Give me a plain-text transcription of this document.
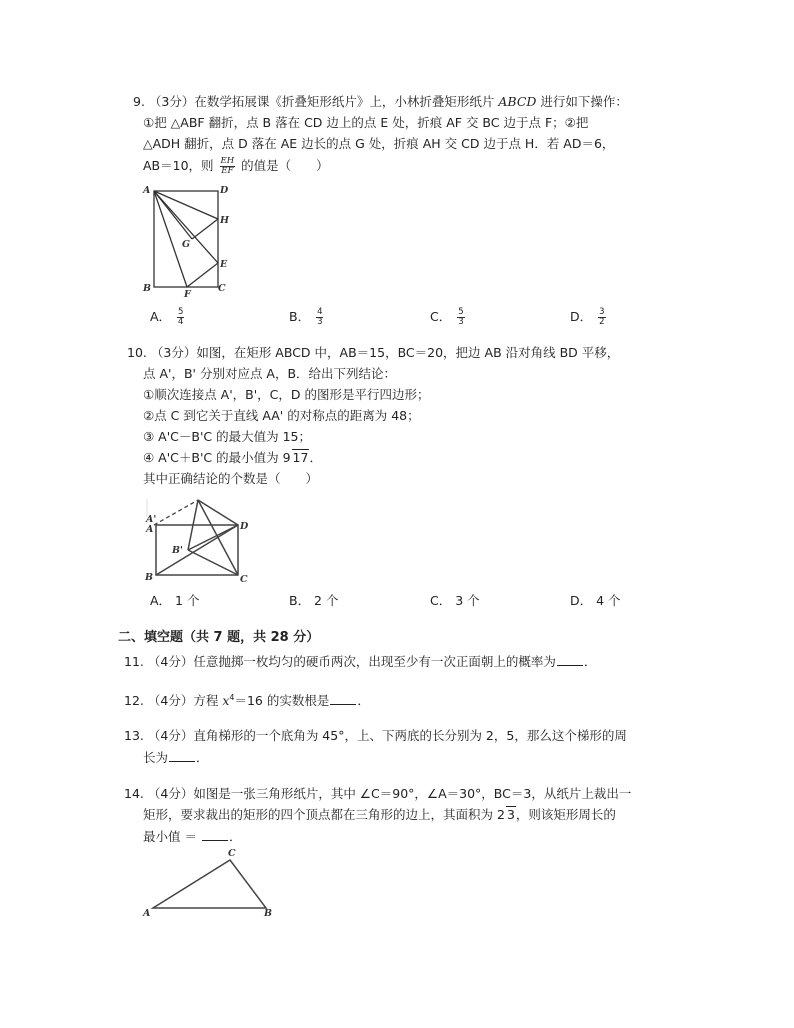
9. （3分）在数学拓展课《折叠矩形纸片》上，小林折叠矩形纸片 ABCD 进行如下操作：
①把 △ABF 翻折，点 B 落在 CD 边上的点 E 处，折痕 AF 交 BC 边于点 F；②把
△ADH 翻折，点 D 落在 AE 边长的点 G 处，折痕 AH 交 CD 边于点 H．若 AD＝6，
AB＝10，则 $\frac{EH}{EF}$ 的值是（　　）
A	D
H
G
E
B
F
C
A． $\frac{5}{4}$	B． $\frac{4}{3}$	C． $\frac{5}{3}$	D． $\frac{3}{2}$
10. （3分）如图，在矩形 ABCD 中，AB＝15，BC＝20，把边 AB 沿对角线 BD 平移，
点 A'，B' 分别对应点 A，B．给出下列结论：
①顺次连接点 A'，B'，C，D 的图形是平行四边形；
②点 C 到它关于直线 AA' 的对称点的距离为 48；
③ A'C－B'C 的最大值为 15；
④ A'C＋B'C 的最小值为 9 17．
其中正确结论的个数是（　　）
A'
A	D
B'
B	C
A． 1 个	B． 2 个	C． 3 个	D． 4 个
二、填空题（共 7 题，共 28 分）
11. （4分）任意抛掷一枚均匀的硬币两次，出现至少有一次正面朝上的概率为 ．
12. （4分）方程 $x^4=16$ 的实数根是 ．
13. （4分）直角梯形的一个底角为 45°，上、下两底的长分别为 2，5，那么这个梯形的周
长为 ．
14. （4分）如图是一张三角形纸片，其中 ∠C＝90°，∠A＝30°，BC＝3，从纸片上裁出一
矩形，要求裁出的矩形的四个顶点都在三角形的边上，其面积为 2 3，则该矩形周长的
最小值 ＝	．
C
A	B
